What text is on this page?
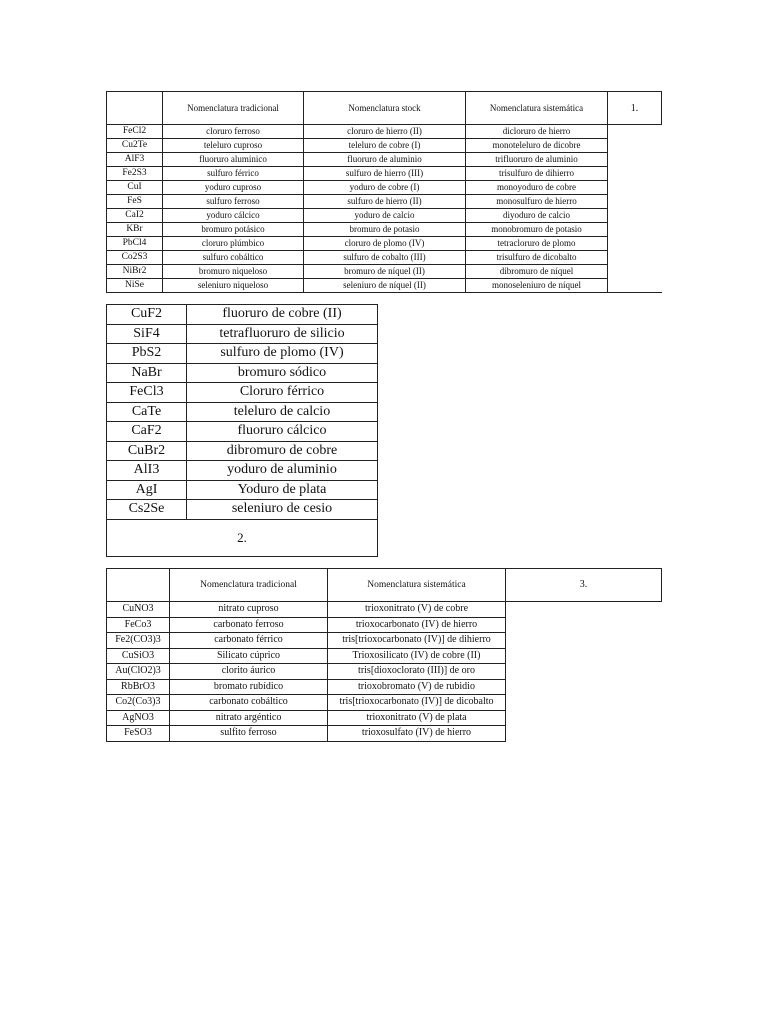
	Nomenclatura tradicional	Nomenclatura stock	Nomenclatura sistemática	1.
FeCl2	cloruro ferroso	cloruro de hierro (II)	dicloruro de hierro	
Cu2Te	teleluro cuproso	teleluro de cobre (I)	monoteleluro de dicobre	
AlF3	fluoruro aluminico	fluoruro de aluminio	trifluoruro de aluminio	
Fe2S3	sulfuro férrico	sulfuro de hierro (III)	trisulfuro de dihierro	
CuI	yoduro cuproso	yoduro de cobre (I)	monoyoduro de cobre	
FeS	sulfuro ferroso	sulfuro de hierro (II)	monosulfuro de hierro	
CaI2	yoduro cálcico	yoduro de calcio	diyoduro de calcio	
KBr	bromuro potásico	bromuro de potasio	monobromuro de potasio	
PbCl4	cloruro plúmbico	cloruro de plomo (IV)	tetracloruro de plomo	
Co2S3	sulfuro cobáltico	sulfuro de cobalto (III)	trisulfuro de dicobalto	
NiBr2	bromuro niqueloso	bromuro de níquel (II)	dibromuro de níquel	
NiSe	seleniuro niqueloso	seleniuro de níquel (II)	monoseleniuro de níquel	
CuF2	fluoruro de cobre (II)
SiF4	tetrafluoruro de silicio
PbS2	sulfuro de plomo (IV)
NaBr	bromuro sódico
FeCl3	Cloruro férrico
CaTe	teleluro de calcio
CaF2	fluoruro cálcico
CuBr2	dibromuro de cobre
AlI3	yoduro de aluminio
AgI	Yoduro de plata
Cs2Se	seleniuro de cesio
2.	
	Nomenclatura tradicional	Nomenclatura sistemática	3.
CuNO3	nitrato cuproso	trioxonitrato (V) de cobre	
FeCo3	carbonato ferroso	trioxocarbonato (IV) de hierro	
Fe2(CO3)3	carbonato férrico	tris[trioxocarbonato (IV)] de dihierro	
CuSiO3	Silicato cúprico	Trioxosilicato (IV) de cobre (II)	
Au(ClO2)3	clorito áurico	tris[dioxoclorato (III)] de oro	
RbBrO3	bromato rubídico	trioxobromato (V) de rubidio	
Co2(Co3)3	carbonato cobáltico	tris[trioxocarbonato (IV)] de dicobalto	
AgNO3	nitrato argéntico	trioxonitrato (V) de plata	
FeSO3	sulfito ferroso	trioxosulfato (IV) de hierro	
